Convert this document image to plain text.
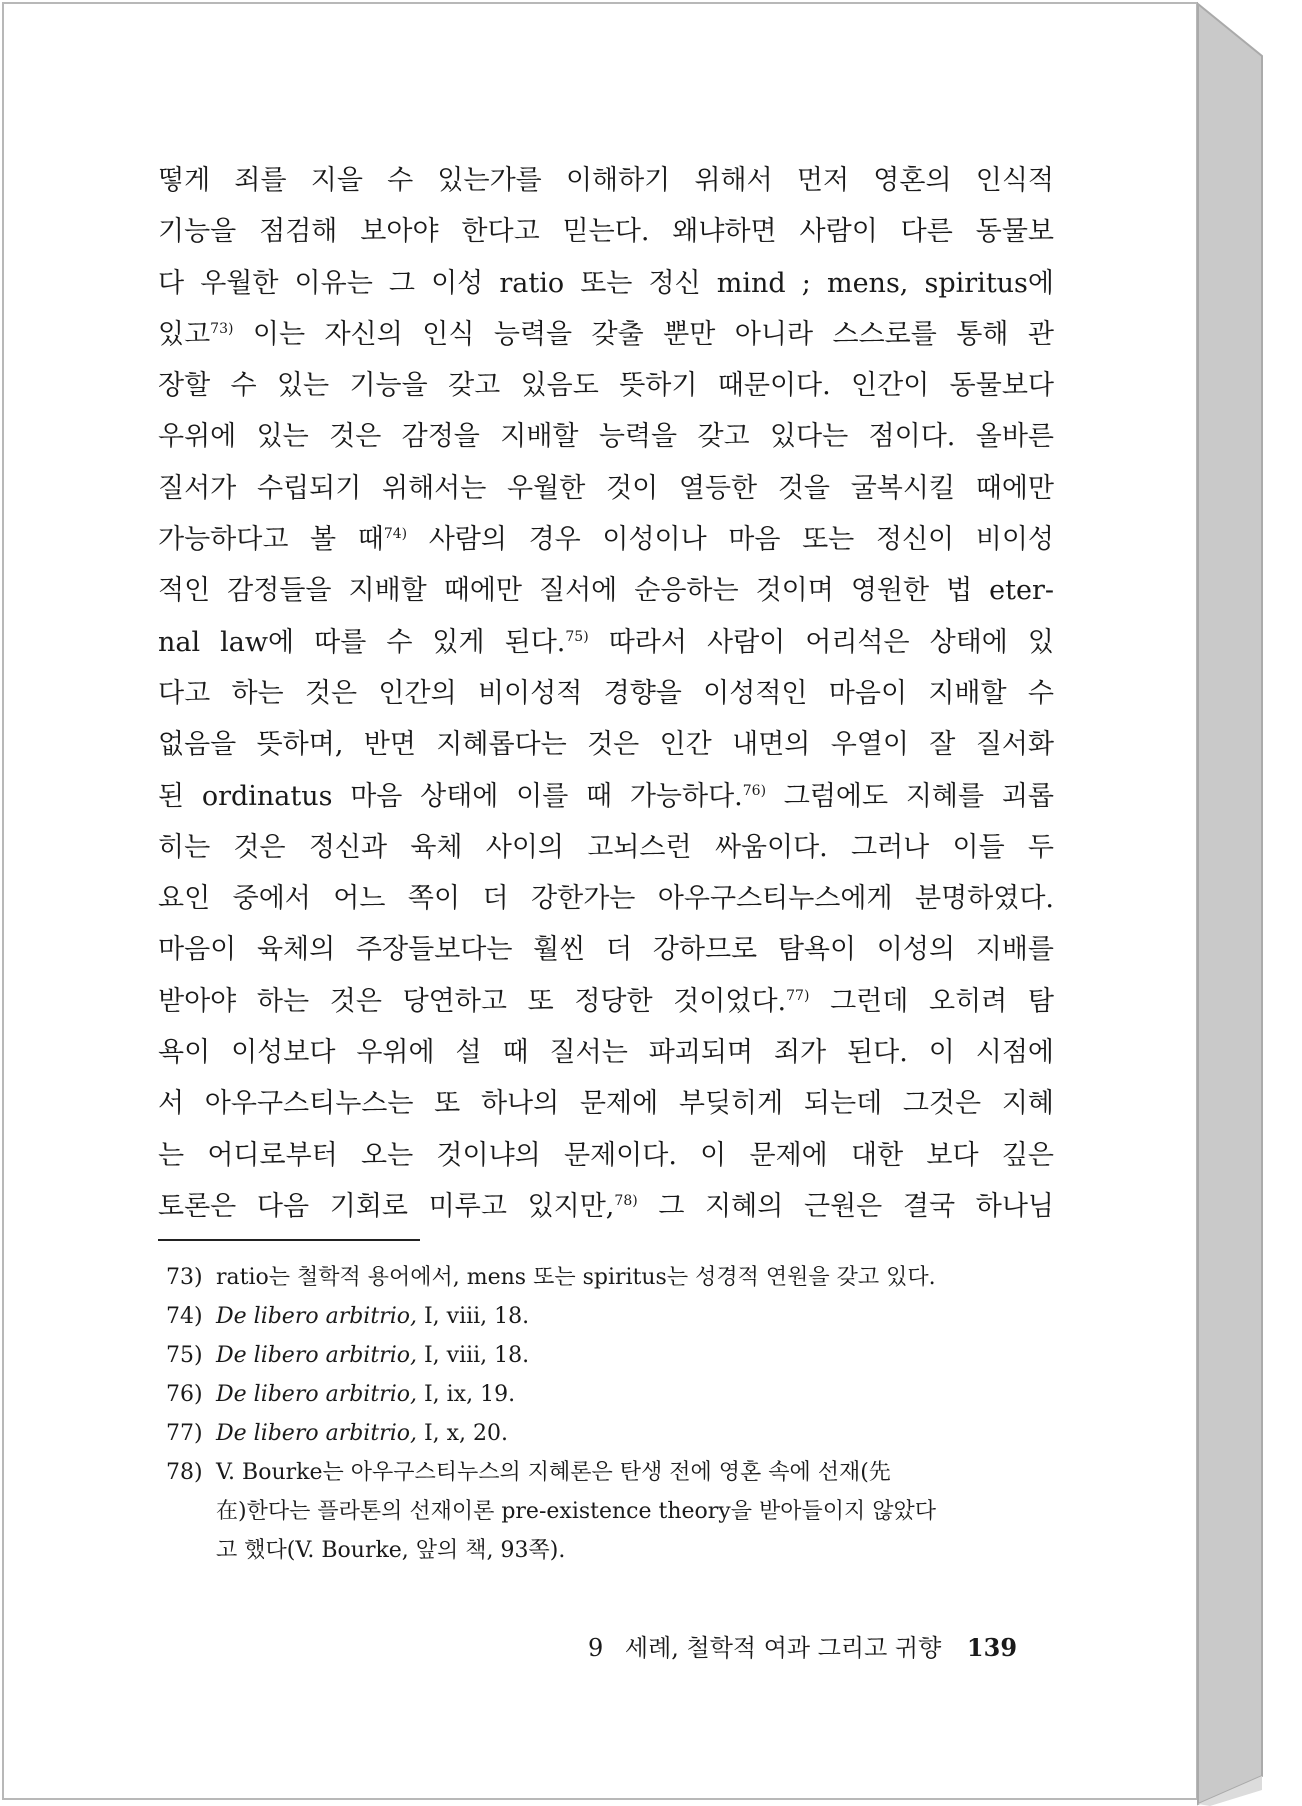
떻게 죄를 지을 수 있는가를 이해하기 위해서 먼저 영혼의 인식적
기능을 점검해 보아야 한다고 믿는다. 왜냐하면 사람이 다른 동물보
다 우월한 이유는 그 이성 ratio 또는 정신 mind ; mens, spiritus에
있고$^{73)}$ 이는 자신의 인식 능력을 갖출 뿐만 아니라 스스로를 통해 관
장할 수 있는 기능을 갖고 있음도 뜻하기 때문이다. 인간이 동물보다
우위에 있는 것은 감정을 지배할 능력을 갖고 있다는 점이다. 올바른
질서가 수립되기 위해서는 우월한 것이 열등한 것을 굴복시킬 때에만
가능하다고 볼 때$^{74)}$ 사람의 경우 이성이나 마음 또는 정신이 비이성
적인 감정들을 지배할 때에만 질서에 순응하는 것이며 영원한 법 eter-
nal law에 따를 수 있게 된다.$^{75)}$ 따라서 사람이 어리석은 상태에 있
다고 하는 것은 인간의 비이성적 경향을 이성적인 마음이 지배할 수
없음을 뜻하며, 반면 지혜롭다는 것은 인간 내면의 우열이 잘 질서화
된 ordinatus 마음 상태에 이를 때 가능하다.$^{76)}$ 그럼에도 지혜를 괴롭
히는 것은 정신과 육체 사이의 고뇌스런 싸움이다. 그러나 이들 두
요인 중에서 어느 쪽이 더 강한가는 아우구스티누스에게 분명하였다.
마음이 육체의 주장들보다는 훨씬 더 강하므로 탐욕이 이성의 지배를
받아야 하는 것은 당연하고 또 정당한 것이었다.$^{77)}$ 그런데 오히려 탐
욕이 이성보다 우위에 설 때 질서는 파괴되며 죄가 된다. 이 시점에
서 아우구스티누스는 또 하나의 문제에 부딪히게 되는데 그것은 지혜
는 어디로부터 오는 것이냐의 문제이다. 이 문제에 대한 보다 깊은
토론은 다음 기회로 미루고 있지만,$^{78)}$ 그 지혜의 근원은 결국 하나님
73) ratio는 철학적 용어에서, mens 또는 spiritus는 성경적 연원을 갖고 있다.
74) De libero arbitrio, Ⅰ, viii, 18.
75) De libero arbitrio, Ⅰ, viii, 18.
76) De libero arbitrio, Ⅰ, ix, 19.
77) De libero arbitrio, Ⅰ, x, 20.
78) V. Bourke는 아우구스티누스의 지혜론은 탄생 전에 영혼 속에 선재(先
在)한다는 플라톤의 선재이론 pre-existence theory을 받아들이지 않았다
고 했다(V. Bourke, 앞의 책, 93쪽).
9 세례, 철학적 여과 그리고 귀향 139
